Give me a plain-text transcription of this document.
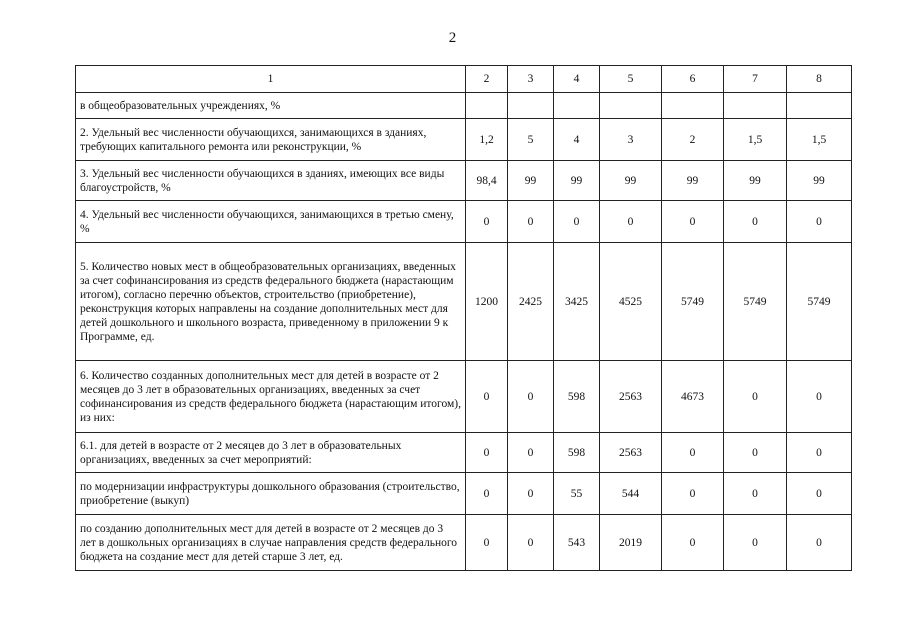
2
1	2	3	4	5	6	7	8
в общеобразовательных учреждениях, %							
2. Удельный вес численности обучающихся, занимающихся в зданиях, требующих капитального ремонта или реконструкции, %	1,2	5	4	3	2	1,5	1,5
3. Удельный вес численности обучающихся в зданиях, имеющих все виды благоустройств, %	98,4	99	99	99	99	99	99
4. Удельный вес численности обучающихся, занимающихся в третью смену, %	0	0	0	0	0	0	0
5. Количество новых мест в общеобразовательных организациях, введенных за счет софинансирования из средств федерального бюджета (нарастающим итогом), согласно перечню объектов, строительство (приобретение), реконструкция которых направлены на создание дополнительных мест для детей дошкольного и школьного возраста, приведенному в приложении 9 к Программе, ед.	1200	2425	3425	4525	5749	5749	5749
6. Количество созданных дополнительных мест для детей в возрасте от 2 месяцев до 3 лет в образовательных организациях, введенных за счет софинансирования из средств федерального бюджета (нарастающим итогом), из них:	0	0	598	2563	4673	0	0
6.1. для детей в возрасте от 2 месяцев до 3 лет в образовательных организациях, введенных за счет мероприятий:	0	0	598	2563	0	0	0
по модернизации инфраструктуры дошкольного образования (строительство, приобретение (выкуп)	0	0	55	544	0	0	0
по созданию дополнительных мест для детей в возрасте от 2 месяцев до 3 лет в дошкольных организациях в случае направления средств федерального бюджета на создание мест для детей старше 3 лет, ед.	0	0	543	2019	0	0	0
